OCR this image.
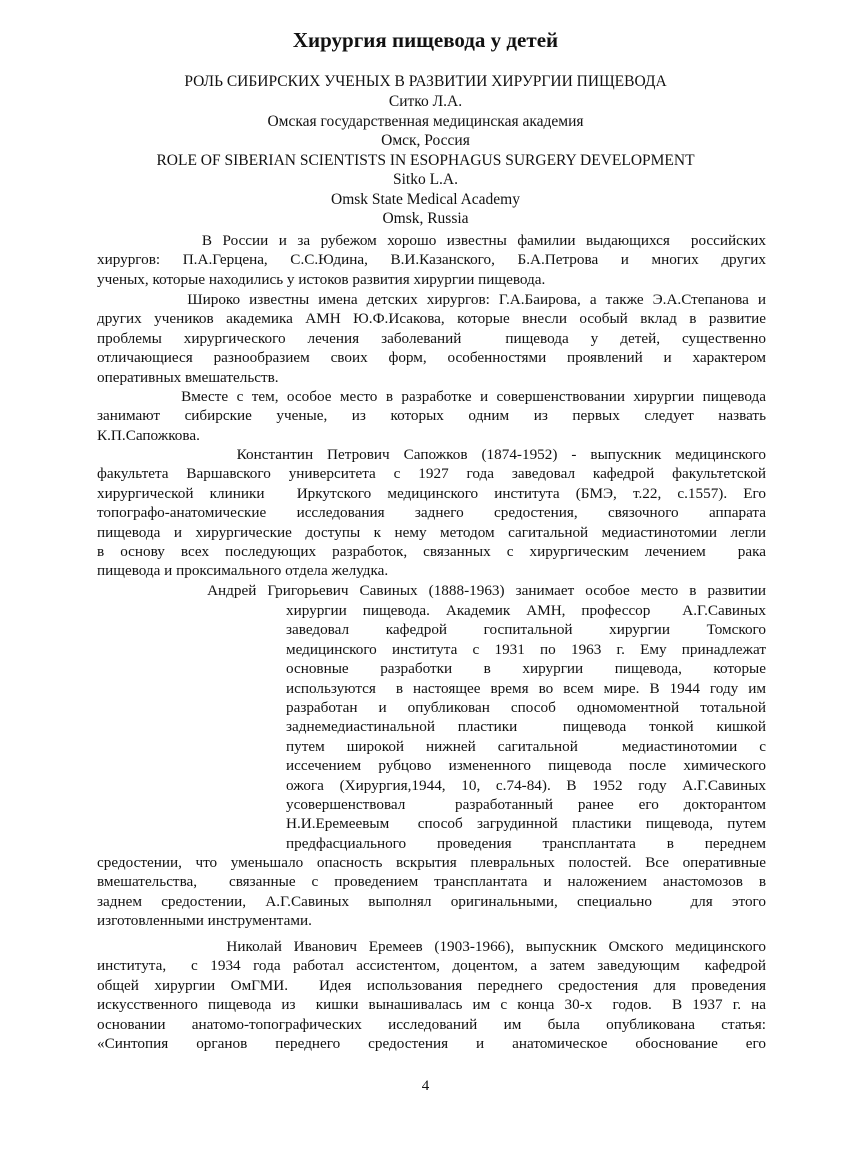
Хирургия пищевода у детей
РОЛЬ СИБИРСКИХ УЧЕНЫХ В РАЗВИТИИ ХИРУРГИИ ПИЩЕВОДА
Ситко Л.А.
Омская государственная медицинская академия
Омск, Россия
ROLE OF SIBERIAN SCIENTISTS IN ESOPHAGUS SURGERY DEVELOPMENT
Sitko L.A.
Omsk State Medical Academy
Omsk, Russia
В России и за рубежом хорошо известны фамилии выдающихся  российских
хирургов: П.А.Герцена, С.С.Юдина, В.И.Казанского, Б.А.Петрова и многих других
ученых, которые находились у истоков развития хирургии пищевода.
Широко известны имена детских хирургов: Г.А.Баирова, а также Э.А.Степанова и
других учеников академика АМН Ю.Ф.Исакова, которые внесли особый вклад в развитие
проблемы хирургического лечения заболеваний  пищевода у детей, существенно
отличающиеся разнообразием своих форм, особенностями проявлений и характером
оперативных вмешательств.
Вместе с тем, особое место в разработке и совершенствовании хирургии пищевода
занимают сибирские ученые, из которых одним из первых следует назвать
К.П.Сапожкова.
Константин Петрович Сапожков (1874-1952) - выпускник медицинского
факультета Варшавского университета с 1927 года заведовал кафедрой факультетской
хирургической клиники  Иркутского медицинского института (БМЭ, т.22, с.1557). Его
топографо-анатомические исследования заднего средостения, связочного аппарата
пищевода и хирургические доступы к нему методом сагитальной медиастинотомии легли
в основу всех последующих разработок, связанных с хирургическим лечением  рака
пищевода и проксимального отдела желудка.
Андрей Григорьевич Савиных (1888-1963) занимает особое место в развитии
хирургии пищевода. Академик АМН, профессор  А.Г.Савиных
заведовал кафедрой госпитальной хирургии Томского
медицинского института с 1931 по 1963 г. Ему принадлежат
основные разработки в хирургии пищевода, которые
используются  в настоящее время во всем мире. В 1944 году им
разработан и опубликован способ одномоментной тотальной
заднемедиастинальной пластики  пищевода тонкой кишкой
путем широкой нижней сагитальной  медиастинотомии с
иссечением рубцово измененного пищевода после химического
ожога (Хирургия,1944, 10, с.74-84). В 1952 году А.Г.Савиных
усовершенствовал  разработанный ранее его докторантом
Н.И.Еремеевым  способ загрудинной пластики пищевода, путем
предфасциального проведения трансплантата в переднем
средостении, что уменьшало опасность вскрытия плевральных полостей. Все оперативные
вмешательства,  связанные с проведением трансплантата и наложением анастомозов в
заднем средостении, А.Г.Савиных выполнял оригинальными, специально  для этого
изготовленными инструментами.
Николай Иванович Еремеев (1903-1966), выпускник Омского медицинского
института,  с 1934 года работал ассистентом, доцентом, а затем заведующим  кафедрой
общей хирургии ОмГМИ.  Идея использования переднего средостения для проведения
искусственного пищевода из  кишки вынашивалась им с конца 30-х  годов.  В 1937 г. на
основании анатомо-топографических исследований им была опубликована статья:
«Синтопия органов переднего средостения и анатомическое обоснование его
4
